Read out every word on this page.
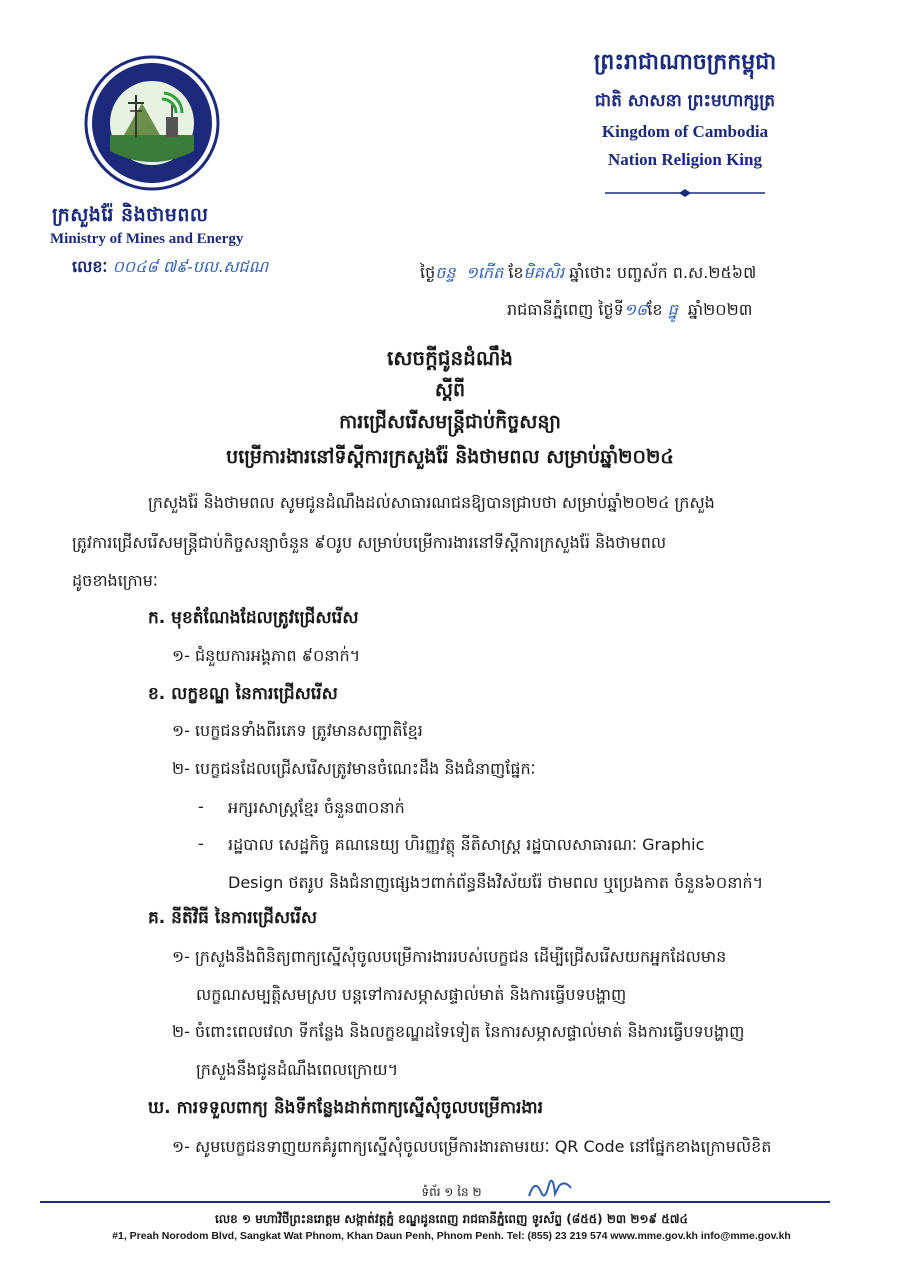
ក្រសួងរ៉ែ និងថាមពល
Ministry of Mines and Energy
លេខៈ ០០៤៨ ៧៩-បល.សជណ
ព្រះរាជាណាចក្រកម្ពុជា
ជាតិ សាសនា ព្រះមហាក្សត្រ
Kingdom of Cambodia
Nation Religion King
ថ្ងៃចន្ទ ១កើត ខែមិគសិរ ឆ្នាំថោះ បញ្ចស័ក ព.ស.២៥៦៧
រាជធានីភ្នំពេញ ថ្ងៃទី១៨ខែ ធ្នូ ឆ្នាំ២០២៣
សេចក្តីជូនដំណឹង
ស្តីពី
ការជ្រើសរើសមន្ត្រីជាប់កិច្ចសន្យា
បម្រើការងារនៅទីស្តីការក្រសួងរ៉ែ និងថាមពល សម្រាប់ឆ្នាំ២០២៤
ក្រសួងរ៉ែ និងថាមពល សូមជូនដំណឹងដល់សាធារណជនឱ្យបានជ្រាបថា សម្រាប់ឆ្នាំ២០២៤ ក្រសួង
ត្រូវការជ្រើសរើសមន្ត្រីជាប់កិច្ចសន្យាចំនួន ៩០រូប សម្រាប់បម្រើការងារនៅទីស្តីការក្រសួងរ៉ែ និងថាមពល
ដូចខាងក្រោមៈ
ក. មុខតំណែងដែលត្រូវជ្រើសរើស
១- ជំនួយការអង្គភាព ៩០នាក់។
ខ. លក្ខខណ្ឌ នៃការជ្រើសរើស
១- បេក្ខជនទាំងពីរភេទ ត្រូវមានសញ្ជាតិខ្មែរ
២- បេក្ខជនដែលជ្រើសរើសត្រូវមានចំណេះដឹង និងជំនាញផ្នែកៈ
- អក្សរសាស្ត្រខ្មែរ ចំនួន៣០នាក់
- រដ្ឋបាល សេដ្ឋកិច្ច គណនេយ្យ ហិរញ្ញវត្ថុ នីតិសាស្ត្រ រដ្ឋបាលសាធារណៈ Graphic
Design ថតរូប និងជំនាញផ្សេងៗពាក់ព័ន្ធនឹងវិស័យរ៉ែ ថាមពល ឬប្រេងកាត ចំនួន៦០នាក់។
គ. នីតិវិធី នៃការជ្រើសរើស
១- ក្រសួងនឹងពិនិត្យពាក្យស្នើសុំចូលបម្រើការងាររបស់បេក្ខជន ដើម្បីជ្រើសរើសយកអ្នកដែលមាន
លក្ខណសម្បត្តិសមស្រប បន្តទៅការសម្ភាសផ្ទាល់មាត់ និងការធ្វើបទបង្ហាញ
២- ចំពោះពេលវេលា ទីកន្លែង និងលក្ខខណ្ឌដទៃទៀត នៃការសម្ភាសផ្ទាល់មាត់ និងការធ្វើបទបង្ហាញ
ក្រសួងនឹងជូនដំណឹងពេលក្រោយ។
ឃ. ការទទួលពាក្យ និងទីកន្លែងដាក់ពាក្យស្នើសុំចូលបម្រើការងារ
១- សូមបេក្ខជនទាញយកគំរូពាក្យស្នើសុំចូលបម្រើការងារតាមរយៈ QR Code នៅផ្នែកខាងក្រោមលិខិត
ទំព័រ ១ នៃ ២
លេខ ១ មហាវិថីព្រះនរោត្តម សង្កាត់វត្តភ្នំ ខណ្ឌដូនពេញ រាជធានីភ្នំពេញ ទូរស័ព្ទ (៨៥៥) ២៣ ២១៩ ៥៧៤
#1, Preah Norodom Blvd, Sangkat Wat Phnom, Khan Daun Penh, Phnom Penh. Tel: (855) 23 219 574 www.mme.gov.kh info@mme.gov.kh
